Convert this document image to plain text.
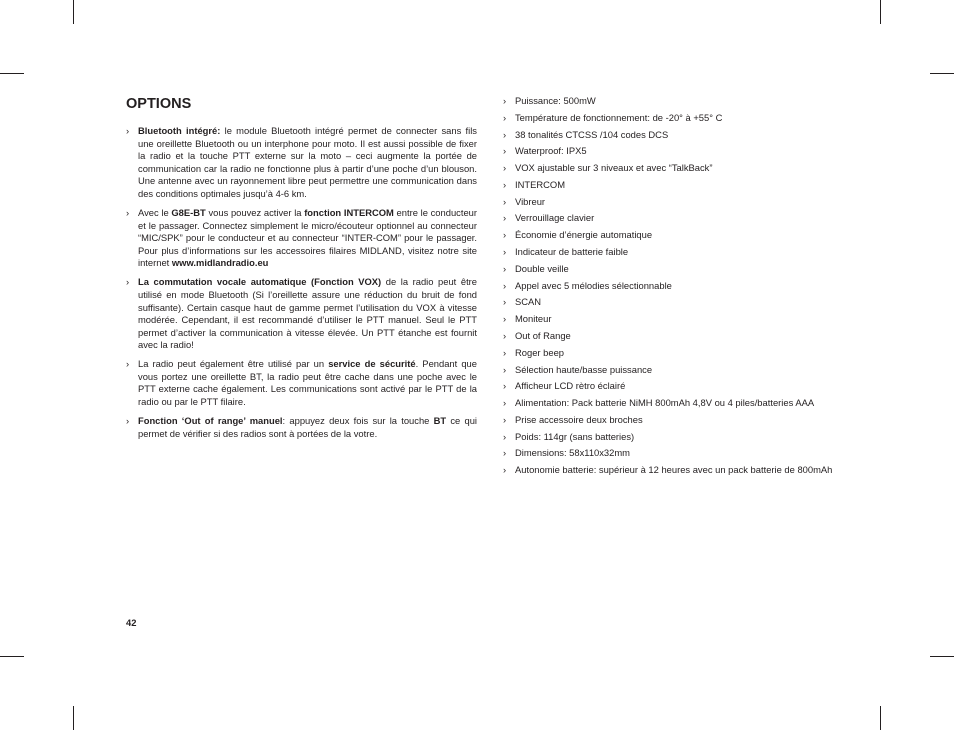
OPTIONS
› Bluetooth intégré: le module Bluetooth intégré permet de connecter sans fils une oreillette Bluetooth ou un interphone pour moto. Il est aussi possible de fixer la radio et la touche PTT externe sur la moto – ceci augmente la portée de communication car la radio ne fonctionne plus à partir d’une poche d’un blouson. Une antenne avec un rayonnement libre peut permettre une communication dans des conditions optimales jusqu’à 4-6 km.
› Avec le G8E-BT vous pouvez activer la fonction INTERCOM entre le conducteur et le passager. Connectez simplement le micro/écouteur optionnel au connecteur “MIC/SPK” pour le conducteur et au connecteur “INTER-COM” pour le passager. Pour plus d’informations sur les accessoires filaires MIDLAND, visitez notre site internet www.midlandradio.eu
› La commutation vocale automatique (Fonction VOX) de la radio peut être utilisé en mode Bluetooth (Si l’oreillette assure une réduction du bruit de fond suffisante). Certain casque haut de gamme permet l’utilisation du VOX à vitesse modérée. Cependant, il est recommandé d’utiliser le PTT manuel. Seul le PTT permet d’activer la communication à vitesse élevée. Un PTT étanche est fournit avec la radio!
› La radio peut également être utilisé par un service de sécurité. Pendant que vous portez une oreillette BT, la radio peut être cache dans une poche avec le PTT externe cache également. Les communications sont activé par le PTT de la radio ou par le PTT filaire.
› Fonction ‘Out of range’ manuel: appuyez deux fois sur la touche BT ce qui permet de vérifier si des radios sont à portées de la votre.
› Puissance: 500mW
› Température de fonctionnement: de -20° à +55° C
› 38 tonalités CTCSS /104 codes DCS
› Waterproof: IPX5
› VOX ajustable sur 3 niveaux et avec “TalkBack”
› INTERCOM
› Vibreur
› Verrouillage clavier
› Économie d’énergie automatique
› Indicateur de batterie faible
› Double veille
› Appel avec 5 mélodies sélectionnable
› SCAN
› Moniteur
› Out of Range
› Roger beep
› Sélection haute/basse puissance
› Afficheur LCD rètro éclairé
› Alimentation: Pack batterie NiMH 800mAh 4,8V ou 4 piles/batteries AAA
› Prise accessoire deux broches
› Poids: 114gr (sans batteries)
› Dimensions: 58x110x32mm
› Autonomie batterie: supérieur à 12 heures avec un pack batterie de 800mAh
42
